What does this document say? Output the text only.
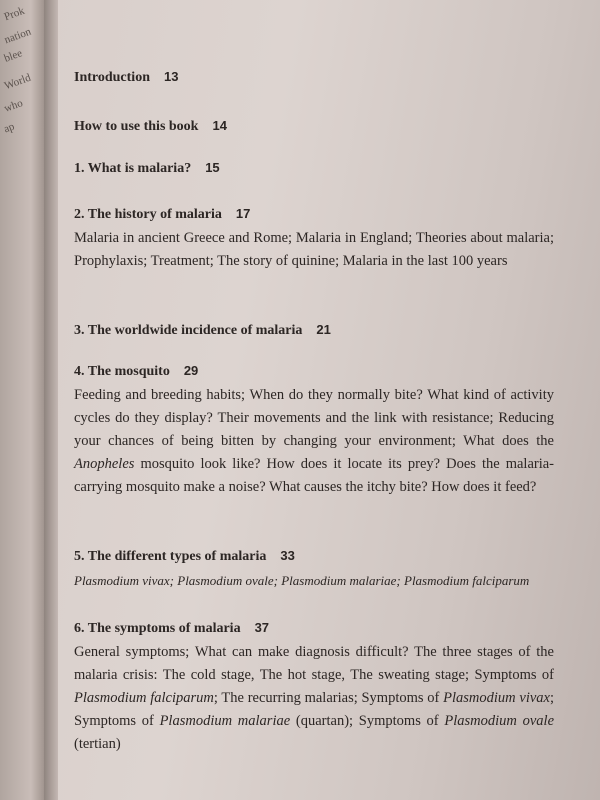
Prok
nation
blee
World
who
ap
Introduction 13
How to use this book 14
1. What is malaria? 15
2. The history of malaria 17
Malaria in ancient Greece and Rome; Malaria in England; Theories about malaria; Prophylaxis; Treatment; The story of quinine; Malaria in the last 100 years
3. The worldwide incidence of malaria 21
4. The mosquito 29
Feeding and breeding habits; When do they normally bite? What kind of activity cycles do they display? Their movements and the link with resistance; Reducing your chances of being bitten by changing your environment; What does the Anopheles mosquito look like? How does it locate its prey? Does the malaria-carrying mosquito make a noise? What causes the itchy bite? How does it feed?
5. The different types of malaria 33
Plasmodium vivax; Plasmodium ovale; Plasmodium malariae; Plasmodium falciparum
6. The symptoms of malaria 37
General symptoms; What can make diagnosis difficult? The three stages of the malaria crisis: The cold stage, The hot stage, The sweating stage; Symptoms of Plasmodium falciparum; The recurring malarias; Symptoms of Plasmodium vivax; Symptoms of Plasmodium malariae (quartan); Symptoms of Plasmodium ovale (tertian)
